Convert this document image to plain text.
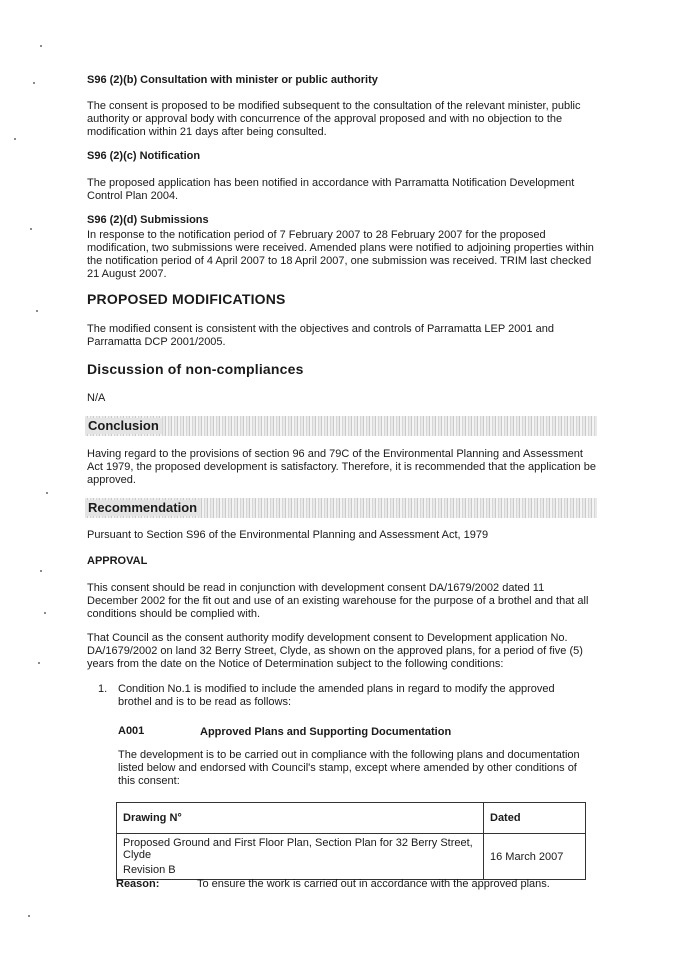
S96 (2)(b) Consultation with minister or public authority
The consent is proposed to be modified subsequent to the consultation of the relevant minister, public authority or approval body with concurrence of the approval proposed and with no objection to the modification within 21 days after being consulted.
S96 (2)(c) Notification
The proposed application has been notified in accordance with Parramatta Notification Development Control Plan 2004.
S96 (2)(d) Submissions
In response to the notification period of 7 February 2007 to 28 February 2007 for the proposed modification, two submissions were received. Amended plans were notified to adjoining properties within the notification period of 4 April 2007 to 18 April 2007, one submission was received. TRIM last checked 21 August 2007.
PROPOSED MODIFICATIONS
The modified consent is consistent with the objectives and controls of Parramatta LEP 2001 and Parramatta DCP 2001/2005.
Discussion of non-compliances
N/A
Conclusion
Having regard to the provisions of section 96 and 79C of the Environmental Planning and Assessment Act 1979, the proposed development is satisfactory. Therefore, it is recommended that the application be approved.
Recommendation
Pursuant to Section S96 of the Environmental Planning and Assessment Act, 1979
APPROVAL
This consent should be read in conjunction with development consent DA/1679/2002 dated 11 December 2002 for the fit out and use of an existing warehouse for the purpose of a brothel and that all conditions should be complied with.
That Council as the consent authority modify development consent to Development application No. DA/1679/2002 on land 32 Berry Street, Clyde, as shown on the approved plans, for a period of five (5) years from the date on the Notice of Determination subject to the following conditions:
1. Condition No.1 is modified to include the amended plans in regard to modify the approved brothel and is to be read as follows:
A001	Approved Plans and Supporting Documentation
The development is to be carried out in compliance with the following plans and documentation listed below and endorsed with Council's stamp, except where amended by other conditions of this consent:
Drawing N°	Dated

Proposed Ground and First Floor Plan, Section Plan for 32 Berry Street, Clyde
Revision B	16 March 2007
Reason:	To ensure the work is carried out in accordance with the approved plans.
